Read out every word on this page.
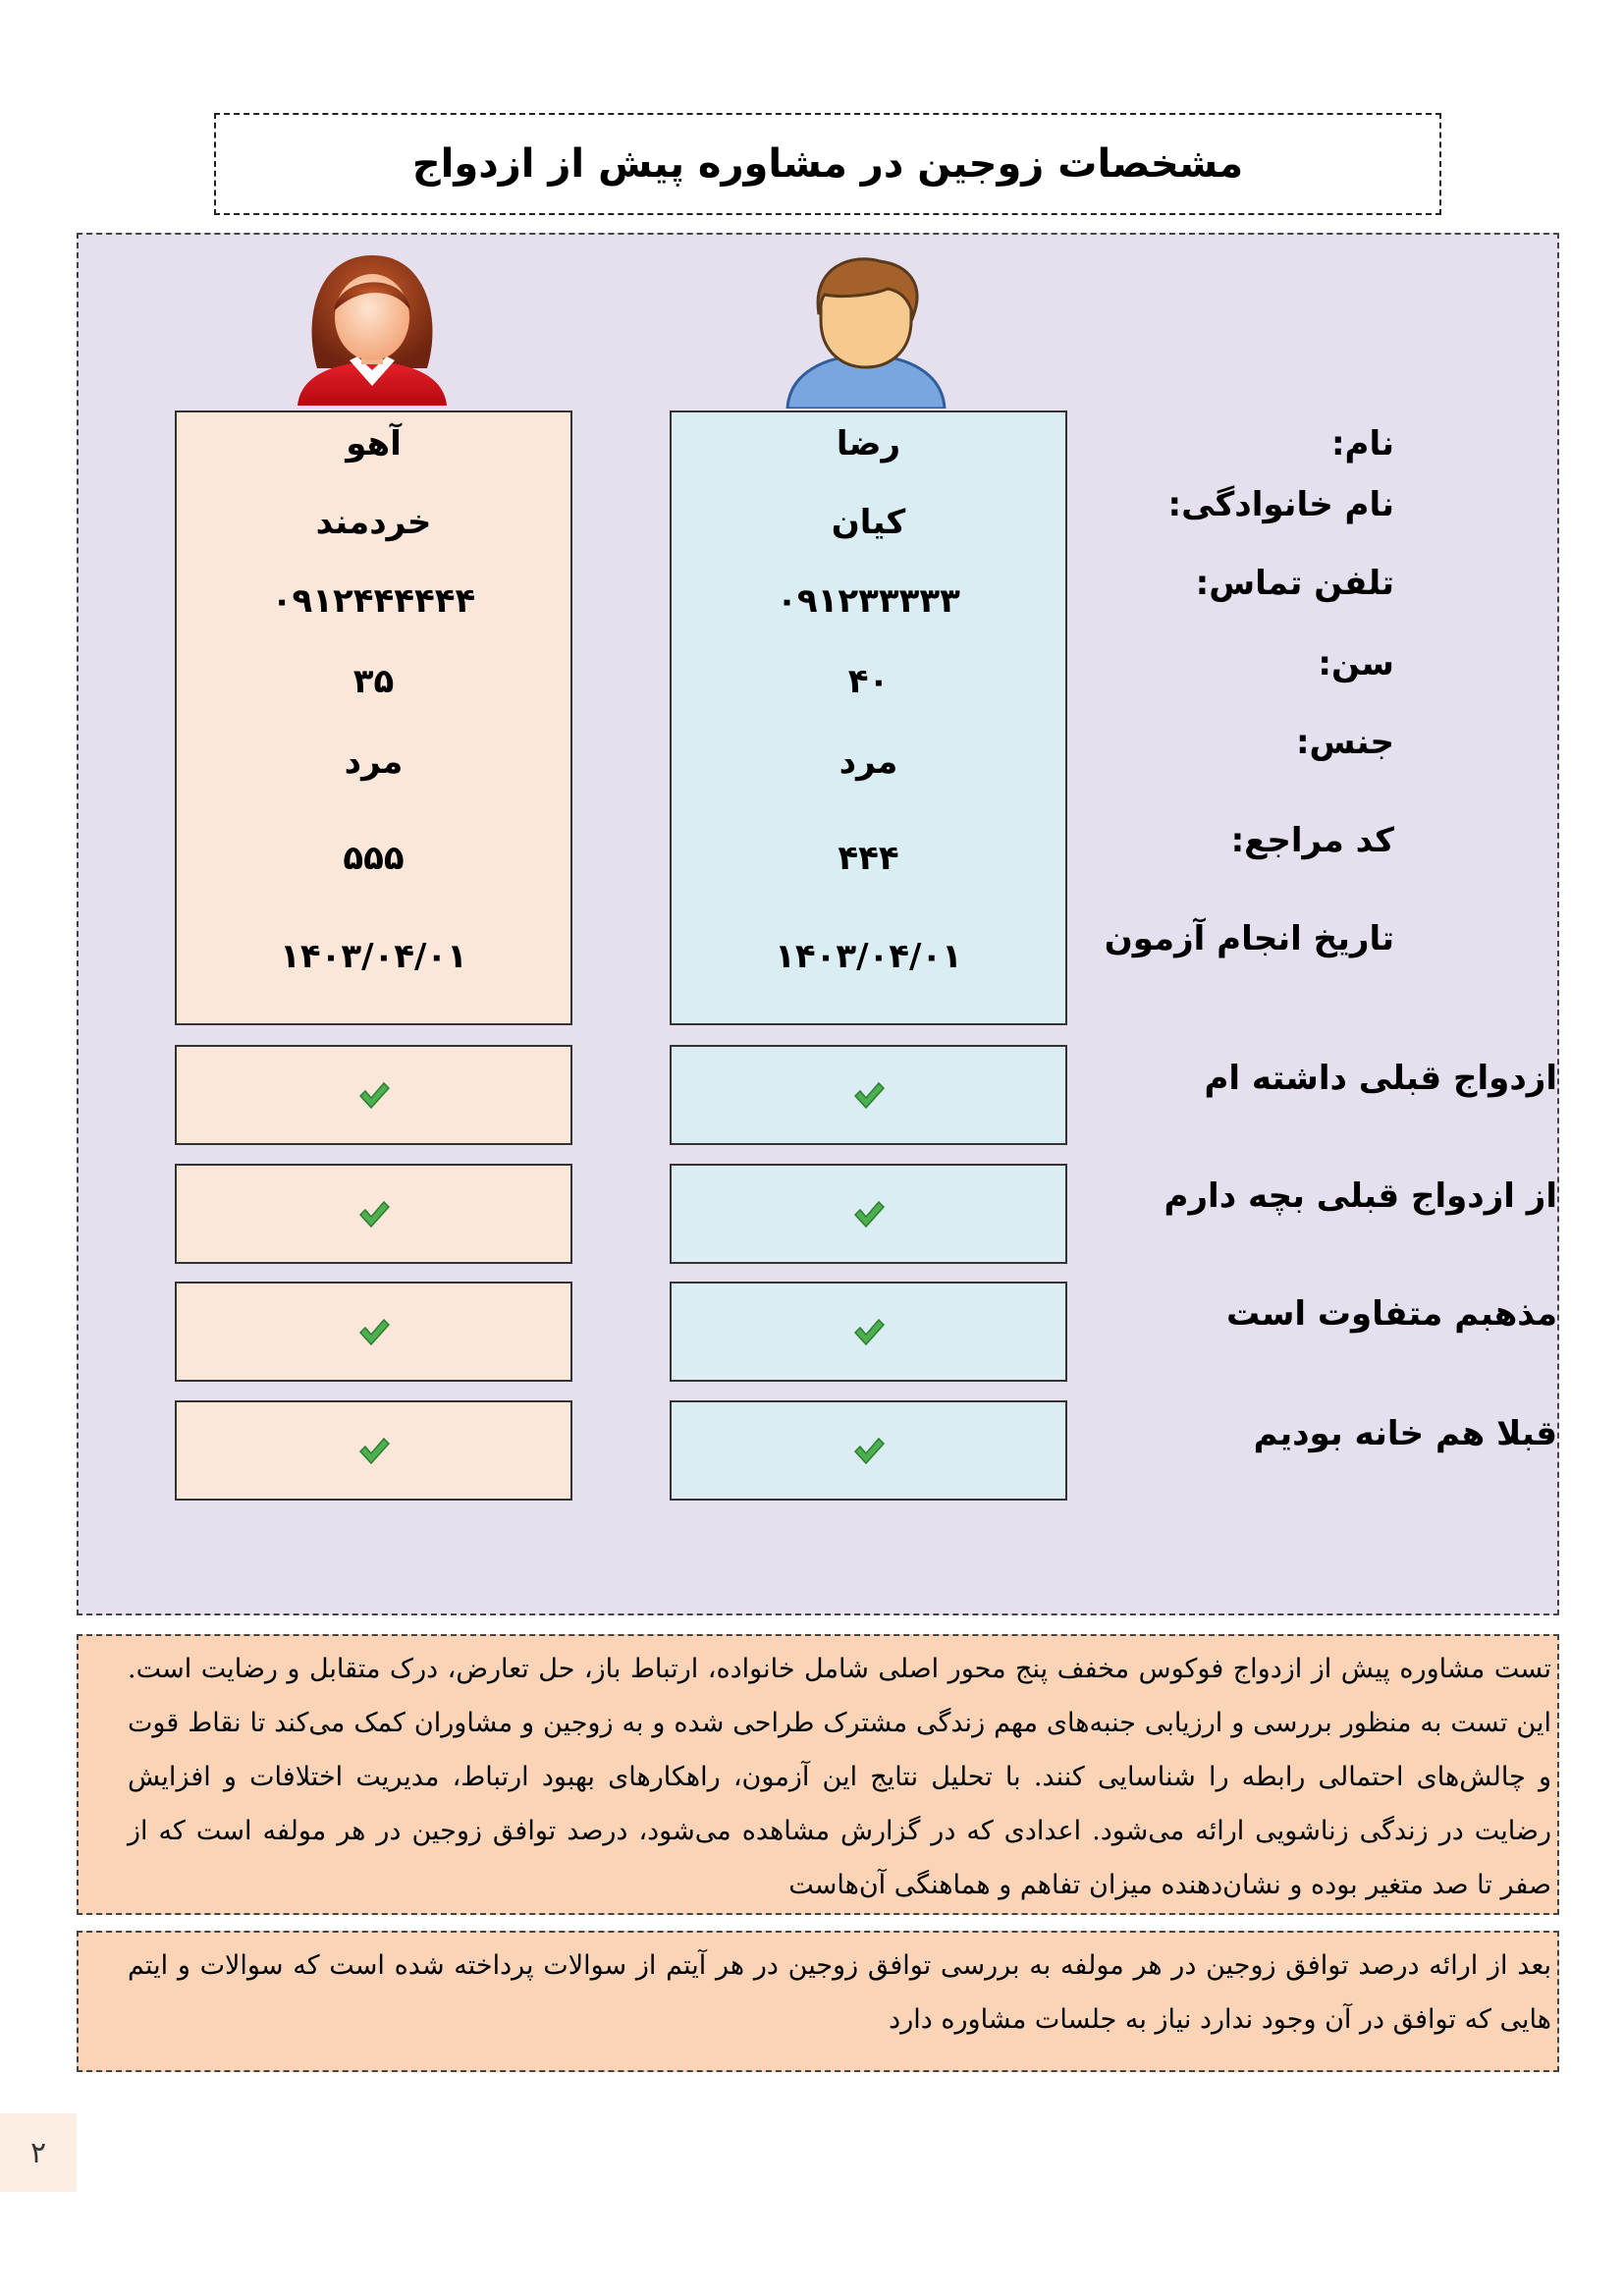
مشخصات زوجین در مشاوره پیش از ازدواج
آهو
خردمند
۰۹۱۲۴۴۴۴۴۴
۳۵
مرد
۵۵۵
۱۴۰۳/۰۴/۰۱
رضا
کیان
۰۹۱۲۳۳۳۳۳
۴۰
مرد
۴۴۴
۱۴۰۳/۰۴/۰۱
نام:
نام خانوادگی:
تلفن تماس:
سن:
جنس:
کد مراجع:
تاریخ انجام آزمون
ازدواج قبلی داشته ام
از ازدواج قبلی بچه دارم
مذهبم متفاوت است
قبلا هم خانه بودیم

تست مشاوره پیش از ازدواج فوکوس مخفف پنج محور اصلی شامل خانواده، ارتباط باز، حل تعارض، درک متقابل و رضایت است. این تست به منظور بررسی و ارزیابی جنبه‌های مهم زندگی مشترک طراحی شده و به زوجین و مشاوران کمک می‌کند تا نقاط قوت و چالش‌های احتمالی رابطه را شناسایی کنند. با تحلیل نتایج این آزمون، راهکارهای بهبود ارتباط، مدیریت اختلافات و افزایش رضایت در زندگی زناشویی ارائه می‌شود. اعدادی که در گزارش مشاهده می‌شود، درصد توافق زوجین در هر مولفه است که از صفر تا صد متغیر بوده و نشان‌دهنده میزان تفاهم و هماهنگی آن‌هاست

بعد از ارائه درصد توافق زوجین در هر مولفه به بررسی توافق زوجین در هر آیتم از سوالات پرداخته شده است که سوالات و ایتم هایی که توافق در آن وجود ندارد نیاز به جلسات مشاوره دارد

۲
